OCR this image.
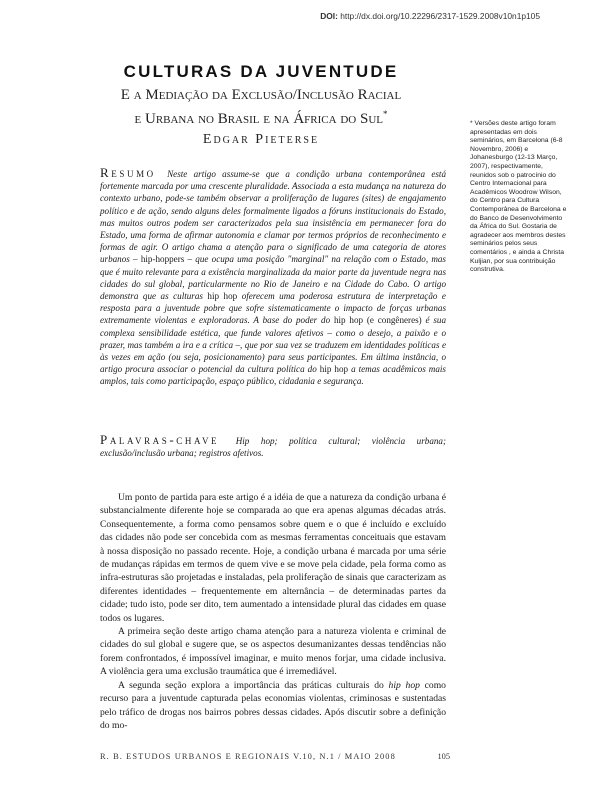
DOI: http://dx.doi.org/10.22296/2317-1529.2008v10n1p105
CULTURAS DA JUVENTUDE
E a Mediação da Exclusão/Inclusão Racial
e Urbana no Brasil e na África do Sul*
Edgar Pieterse
* Versões deste artigo foram apresentadas em dois seminários, em Barcelona (6-8 Novembro, 2006) e Johanesburgo (12-13 Março, 2007), respectivamente, reunidos sob o patrocínio do Centro Internacional para Acadêmicos Woodrow Wilson, do Centro para Cultura Contemporânea de Barcelona e do Banco de Desenvolvimento da África do Sul. Gostaria de agradecer aos membros destes seminários pelos seus comentários , e ainda a Christa Kuljian, por sua contribuição construtiva.
Resumo Neste artigo assume-se que a condição urbana contemporânea está fortemente marcada por uma crescente pluralidade. Associada a esta mudança na natureza do contexto urbano, pode-se também observar a proliferação de lugares (sites) de engajamento político e de ação, sendo alguns deles formalmente ligados a fóruns institucionais do Estado, mas muitos outros podem ser caracterizados pela sua insistência em permanecer fora do Estado, uma forma de afirmar autonomia e clamar por termos próprios de reconhecimento e formas de agir. O artigo chama a atenção para o significado de uma categoria de atores urbanos – hip-hoppers – que ocupa uma posição "marginal" na relação com o Estado, mas que é muito relevante para a existência marginalizada da maior parte da juventude negra nas cidades do sul global, particularmente no Rio de Janeiro e na Cidade do Cabo. O artigo demonstra que as culturas hip hop oferecem uma poderosa estrutura de interpretação e resposta para a juventude pobre que sofre sistematicamente o impacto de forças urbanas extremamente violentas e exploradoras. A base do poder do hip hop (e congêneres) é sua complexa sensibilidade estética, que funde valores afetivos – como o desejo, a paixão e o prazer, mas também a ira e a crítica –, que por sua vez se traduzem em identidades políticas e às vezes em ação (ou seja, posicionamento) para seus participantes. Em última instância, o artigo procura associar o potencial da cultura política do hip hop a temas acadêmicos mais amplos, tais como participação, espaço público, cidadania e segurança.
Palavras-chave Hip hop; política cultural; violência urbana; exclusão/inclusão urbana; registros afetivos.

Um ponto de partida para este artigo é a idéia de que a natureza da condição urbana é substancialmente diferente hoje se comparada ao que era apenas algumas décadas atrás. Consequentemente, a forma como pensamos sobre quem e o que é incluído e excluído das cidades não pode ser concebida com as mesmas ferramentas conceituais que estavam à nossa disposição no passado recente. Hoje, a condição urbana é marcada por uma série de mudanças rápidas em termos de quem vive e se move pela cidade, pela forma como as infra-estruturas são projetadas e instaladas, pela proliferação de sinais que caracterizam as diferentes identidades – frequentemente em alternância – de determinadas partes da cidade; tudo isto, pode ser dito, tem aumentado a intensidade plural das cidades em quase todos os lugares.

A primeira seção deste artigo chama atenção para a natureza violenta e criminal de cidades do sul global e sugere que, se os aspectos desumanizantes dessas tendências não forem confrontados, é impossível imaginar, e muito menos forjar, uma cidade inclusiva. A violência gera uma exclusão traumática que é irremediável.

A segunda seção explora a importância das práticas culturais do hip hop como recurso para a juventude capturada pelas economias violentas, criminosas e sustentadas pelo tráfico de drogas nos bairros pobres dessas cidades. Após discutir sobre a definição do mo-

R. B. ESTUDOS URBANOS E REGIONAIS V.10, N.1 / MAIO 2008	105
